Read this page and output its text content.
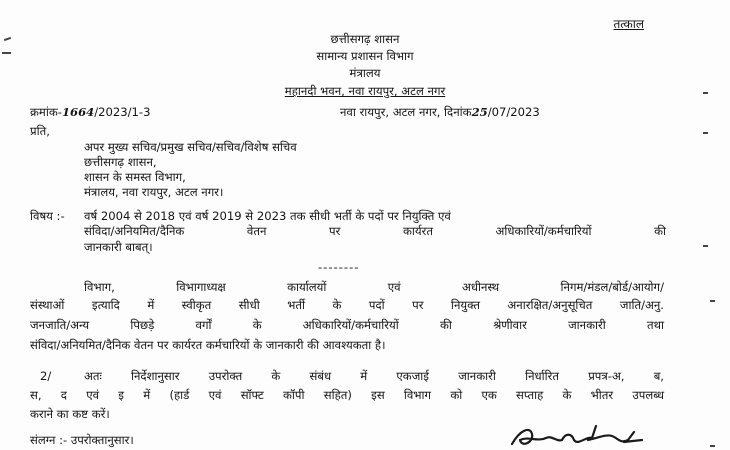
तत्काल
छत्तीसगढ़ शासन
सामान्य प्रशासन विभाग
मंत्रालय
महानदी भवन, नवा रायपुर, अटल नगर
क्रमांक-1664/2023/1-3	नवा रायपुर, अटल नगर, दिनांक25/07/2023
प्रति,
अपर मुख्य सचिव/प्रमुख सचिव/सचिव/विशेष सचिव
छत्तीसगढ़ शासन,
शासन के समस्त विभाग,
मंत्रालय, नवा रायपुर, अटल नगर।
विषय :- वर्ष 2004 से 2018 एवं वर्ष 2019 से 2023 तक सीधी भर्ती के पदों पर नियुक्ति एवं
संविदा/अनियमित/दैनिक वेतन पर कार्यरत अधिकारियों/कर्मचारियों की
जानकारी बाबत्।
--------
विभाग, विभागाध्यक्ष कार्यालयों एवं अधीनस्थ निगम/मंडल/बोर्ड/आयोग/
संस्थाओं इत्यादि में स्वीकृत सीधी भर्ती के पदों पर नियुक्त अनारक्षित/अनुसूचित जाति/अनु.
जनजाति/अन्य पिछड़े वर्गों के अधिकारियों/कर्मचारियों की श्रेणीवार जानकारी तथा
संविदा/अनियमित/दैनिक वेतन पर कार्यरत कर्मचारियों के जानकारी की आवश्यकता है।
2/	अतः निर्देशानुसार उपरोक्त के संबंध में एकजाई जानकारी निर्धारित प्रपत्र-अ, ब,
स, द एवं इ में (हार्ड एवं सॉफ्ट कॉपी सहित) इस विभाग को एक सप्ताह के भीतर उपलब्ध
कराने का कष्ट करें।
संलग्न :- उपरोक्तानुसार।
